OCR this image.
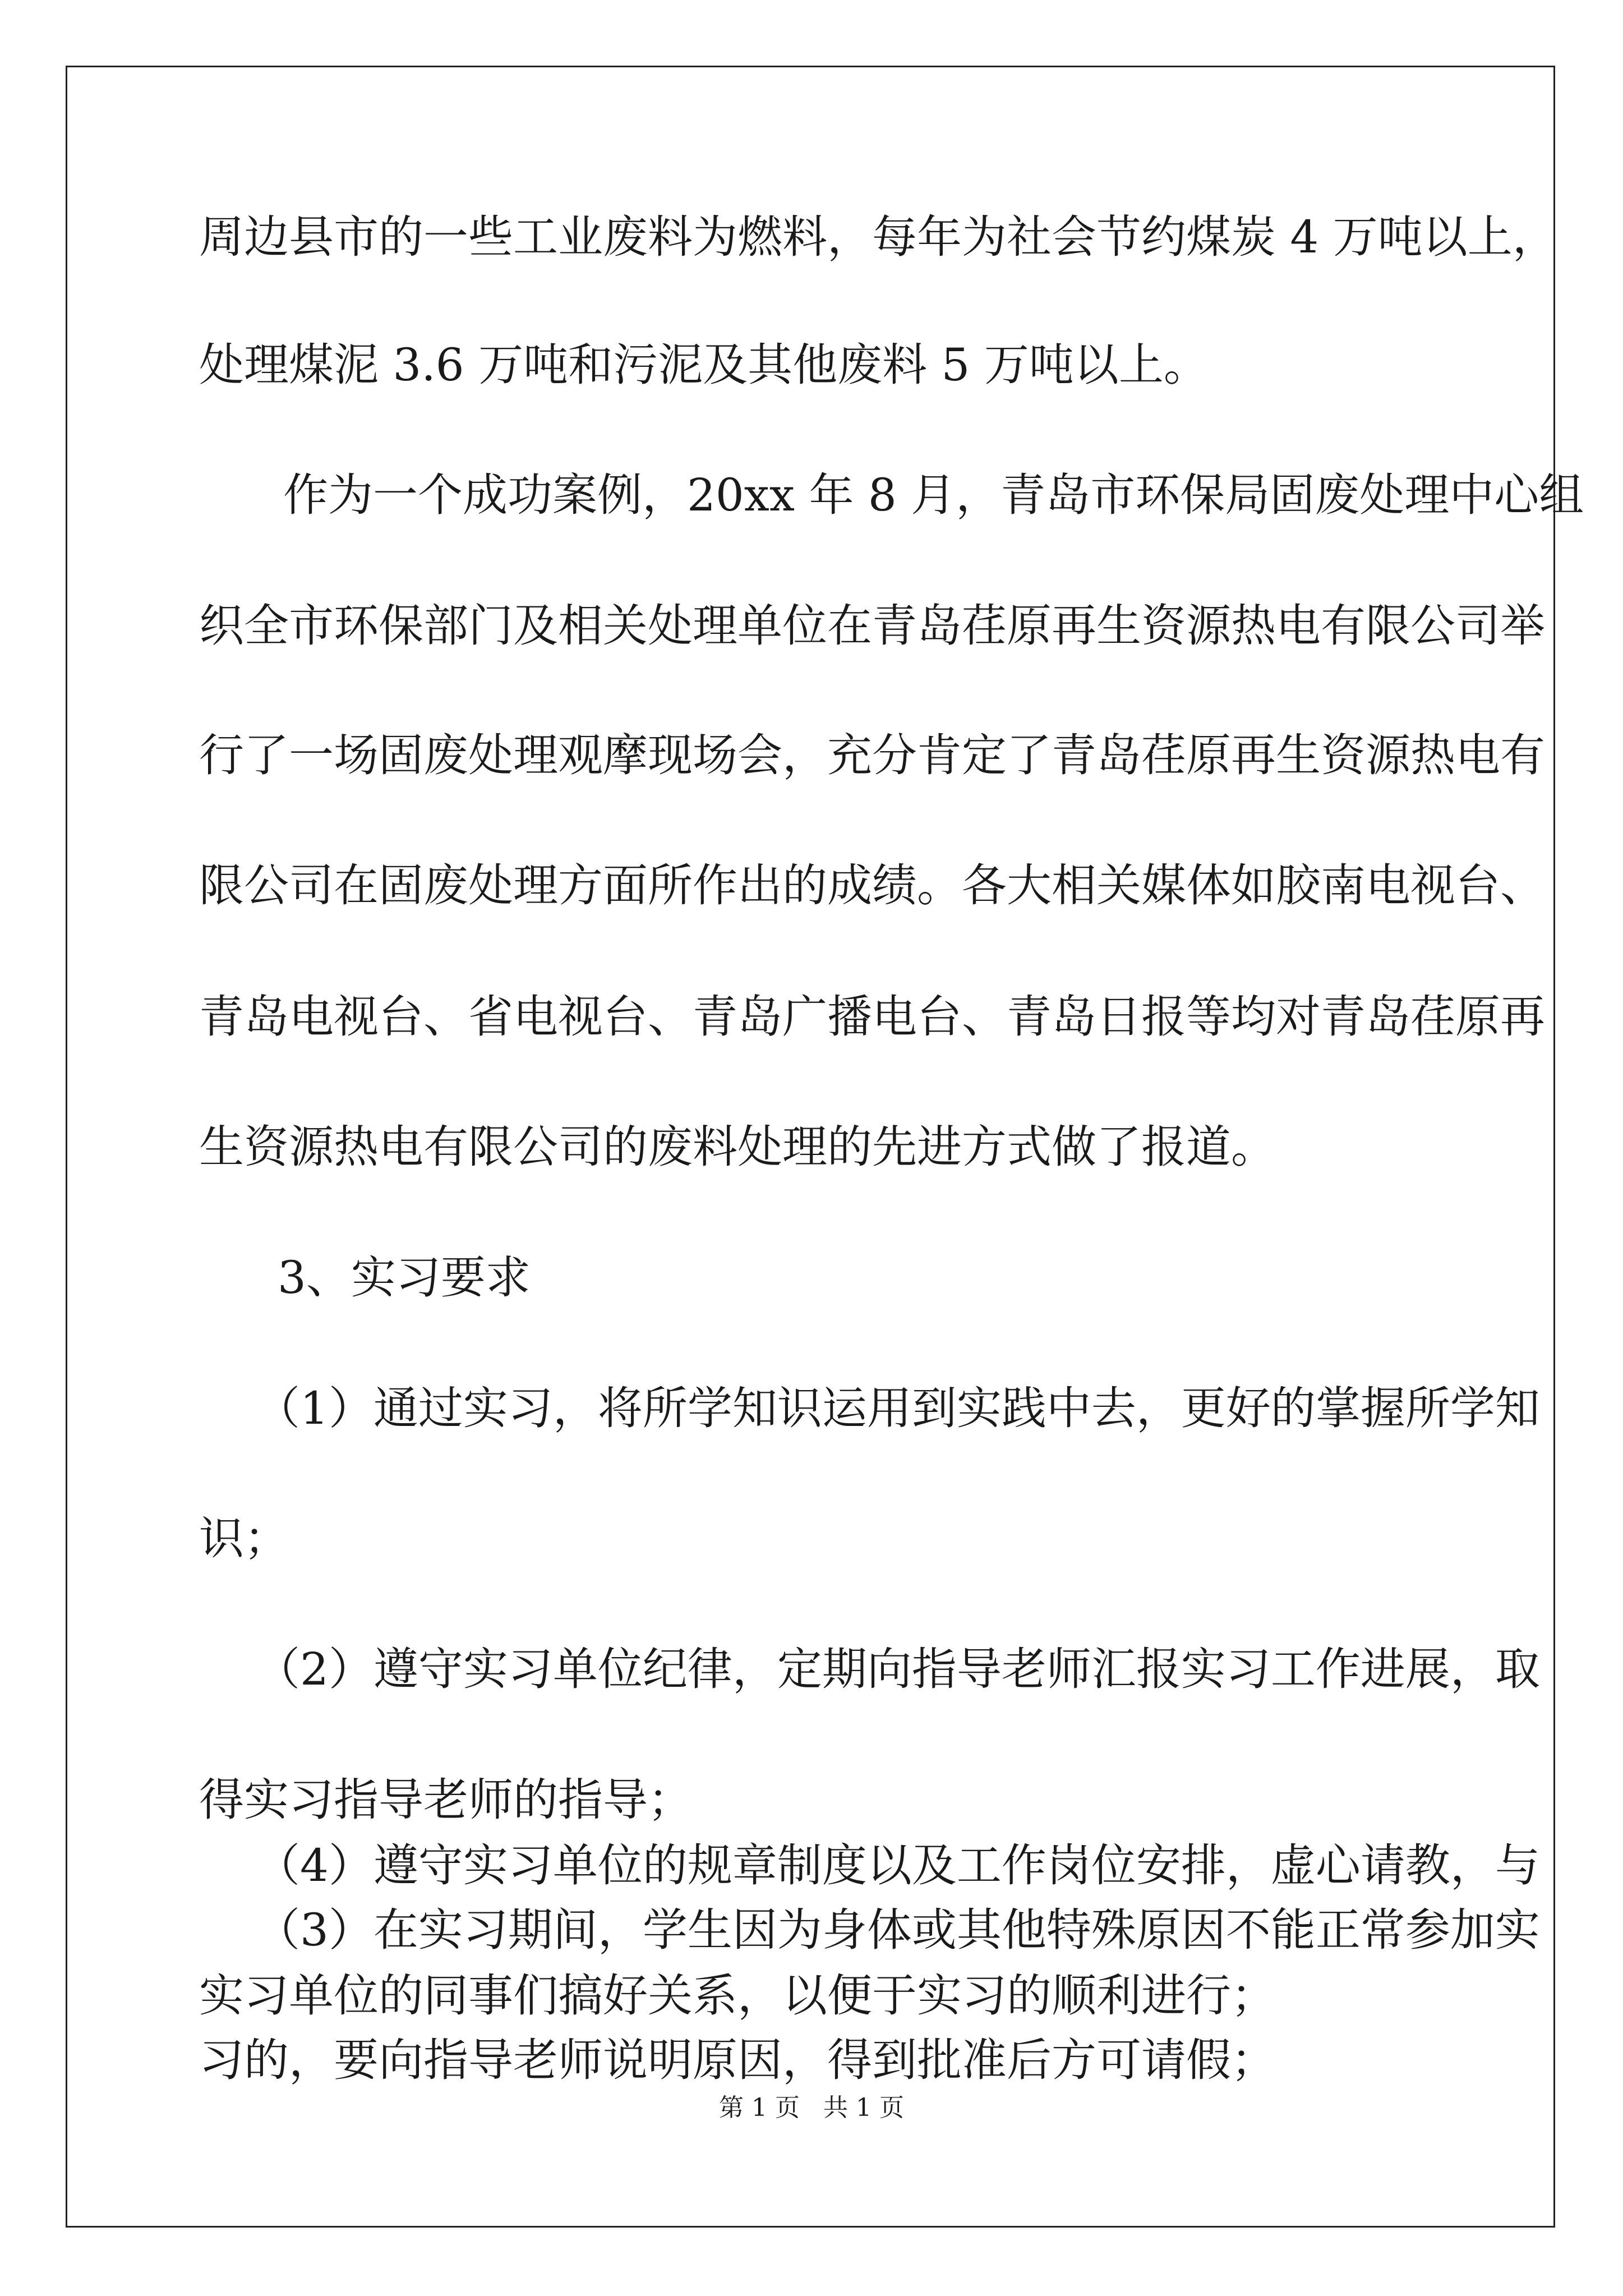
周边县市的一些工业废料为燃料，每年为社会节约煤炭 4 万吨以上，
处理煤泥 3.6 万吨和污泥及其他废料 5 万吨以上。
作为一个成功案例，20xx 年 8 月，青岛市环保局固废处理中心组
织全市环保部门及相关处理单位在青岛荏原再生资源热电有限公司举
行了一场固废处理观摩现场会，充分肯定了青岛荏原再生资源热电有
限公司在固废处理方面所作出的成绩。各大相关媒体如胶南电视台、
青岛电视台、省电视台、青岛广播电台、青岛日报等均对青岛荏原再
生资源热电有限公司的废料处理的先进方式做了报道。
3、实习要求
（1）通过实习，将所学知识运用到实践中去，更好的掌握所学知
识；
（2）遵守实习单位纪律，定期向指导老师汇报实习工作进展，取
得实习指导老师的指导；
（3）在实习期间，学生因为身体或其他特殊原因不能正常参加实
习的，要向指导老师说明原因，得到批准后方可请假；
（4）遵守实习单位的规章制度以及工作岗位安排，虚心请教，与
实习单位的同事们搞好关系，以便于实习的顺利进行；
第 1 页 共 1 页
